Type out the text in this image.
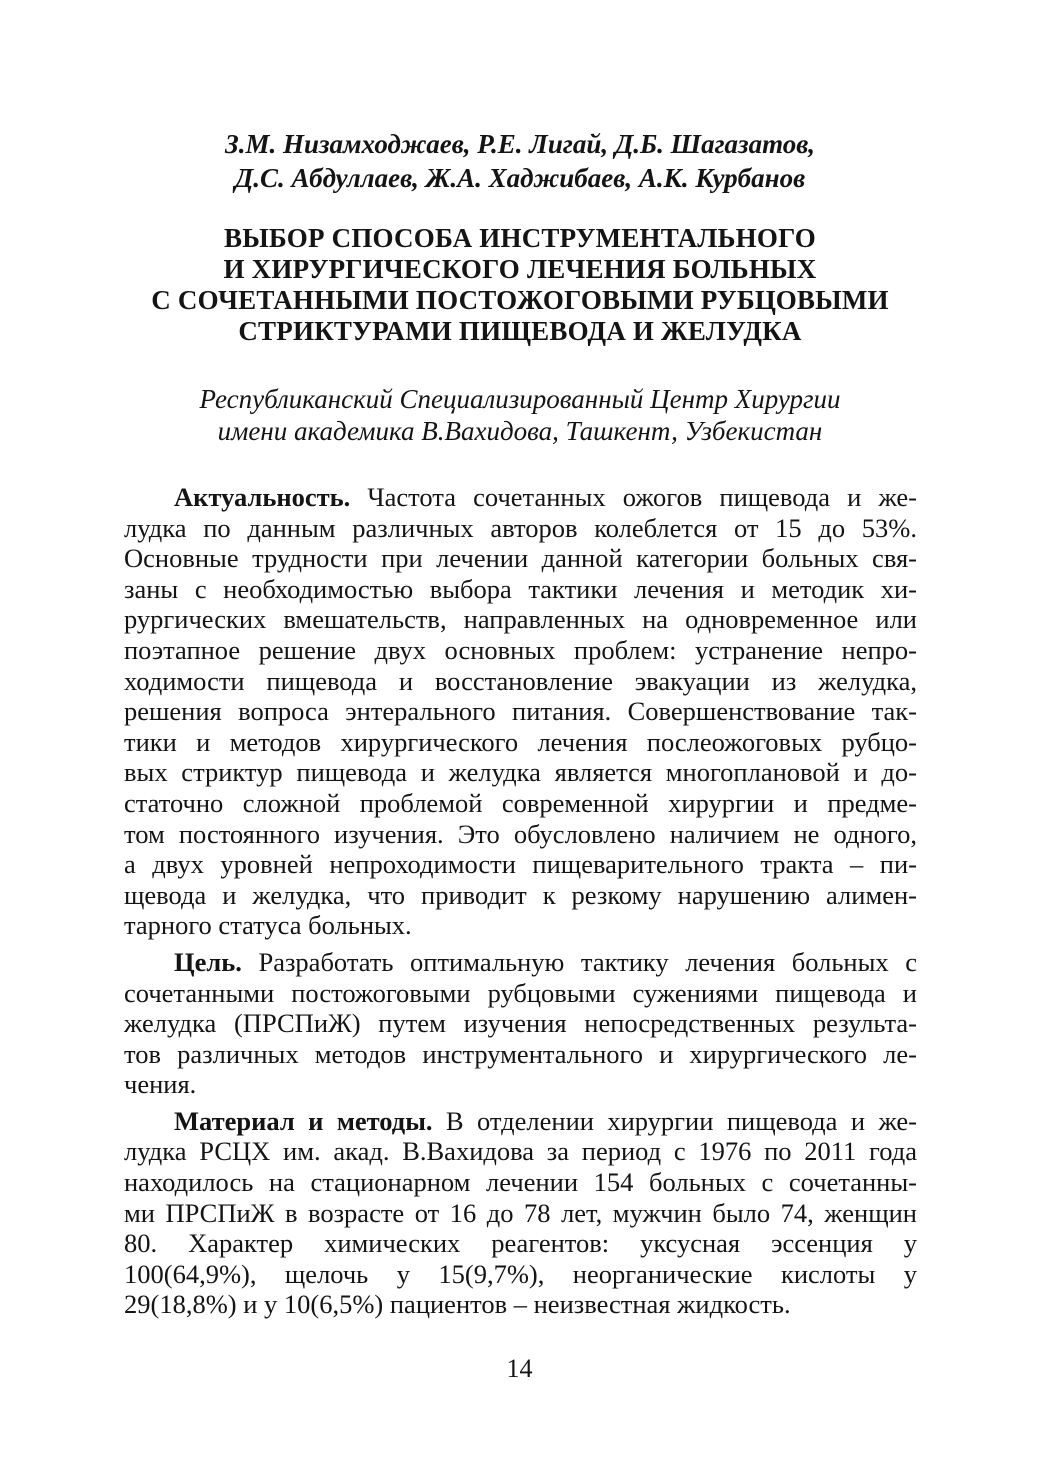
З.М. Низамходжаев, Р.Е. Лигай, Д.Б. Шагазатов,
Д.С. Абдуллаев, Ж.А. Хаджибаев, А.К. Курбанов
ВЫБОР СПОСОБА ИНСТРУМЕНТАЛЬНОГО
И ХИРУРГИЧЕСКОГО ЛЕЧЕНИЯ БОЛЬНЫХ
С СОЧЕТАННЫМИ ПОСТОЖОГОВЫМИ РУБЦОВЫМИ
СТРИКТУРАМИ ПИЩЕВОДА И ЖЕЛУДКА
Республиканский Специализированный Центр Хирургии
имени академика В.Вахидова, Ташкент, Узбекистан
Актуальность. Частота сочетанных ожогов пищевода и же-
лудка по данным различных авторов колеблется от 15 до 53%.
Основные трудности при лечении данной категории больных свя-
заны с необходимостью выбора тактики лечения и методик хи-
рургических вмешательств, направленных на одновременное или
поэтапное решение двух основных проблем: устранение непро-
ходимости пищевода и восстановление эвакуации из желудка,
решения вопроса энтерального питания. Совершенствование так-
тики и методов хирургического лечения послеожоговых рубцо-
вых стриктур пищевода и желудка является многоплановой и до-
статочно сложной проблемой современной хирургии и предме-
том постоянного изучения. Это обусловлено наличием не одного,
а двух уровней непроходимости пищеварительного тракта – пи-
щевода и желудка, что приводит к резкому нарушению алимен-
тарного статуса больных.
Цель. Разработать оптимальную тактику лечения больных с
сочетанными постожоговыми рубцовыми сужениями пищевода и
желудка (ПРСПиЖ) путем изучения непосредственных результа-
тов различных методов инструментального и хирургического ле-
чения.
Материал и методы. В отделении хирургии пищевода и же-
лудка РСЦХ им. акад. В.Вахидова за период с 1976 по 2011 года
находилось на стационарном лечении 154 больных с сочетанны-
ми ПРСПиЖ в возрасте от 16 до 78 лет, мужчин было 74, женщин
80. Характер химических реагентов: уксусная эссенция у
100(64,9%), щелочь у 15(9,7%), неорганические кислоты у
29(18,8%) и у 10(6,5%) пациентов – неизвестная жидкость.
14
